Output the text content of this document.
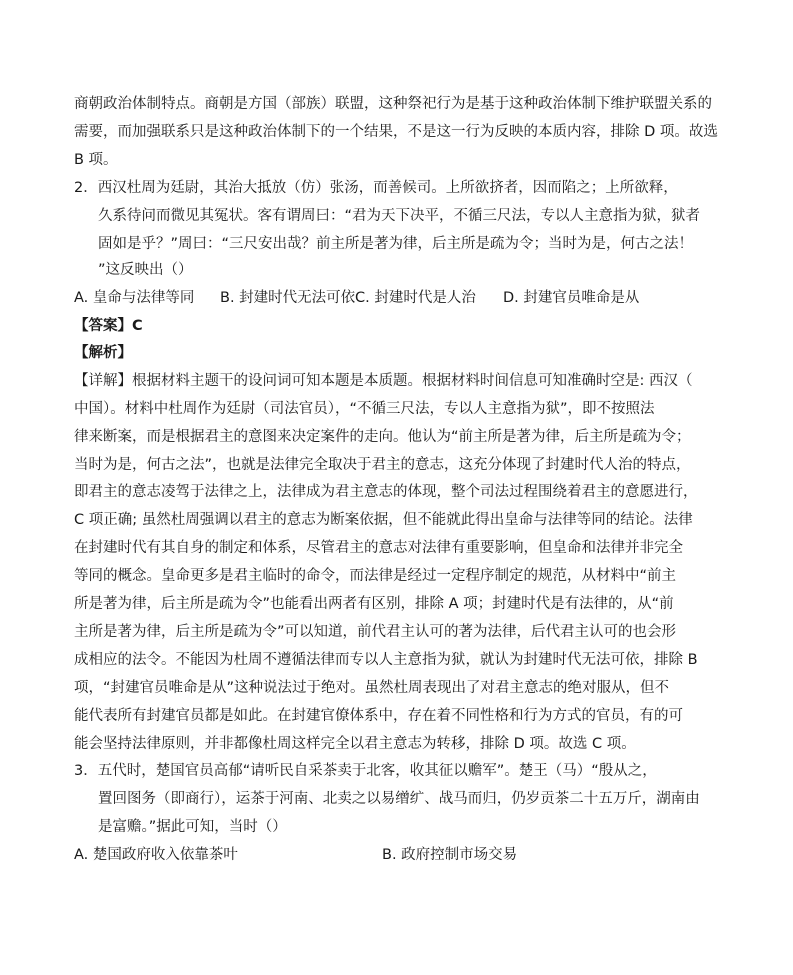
商朝政治体制特点。商朝是方国（部族）联盟，这种祭祀行为是基于这种政治体制下维护联盟关系的
需要，而加强联系只是这种政治体制下的一个结果，不是这一行为反映的本质内容，排除 D 项。故选
B 项。
2．西汉杜周为廷尉，其治大抵放（仿）张汤，而善候司。上所欲挤者，因而陷之；上所欲释，
久系待问而微见其冤状。客有谓周曰：“君为天下决平，不循三尺法，专以人主意指为狱，狱者
固如是乎？”周曰：“三尺安出哉？前主所是著为律，后主所是疏为令；当时为是，何古之法！
”这反映出（）
A. 皇命与法律等同 B. 封建时代无法可依 C. 封建时代是人治 D. 封建官员唯命是从
【答案】C
【解析】
【详解】根据材料主题干的设问词可知本题是本质题。根据材料时间信息可知准确时空是: 西汉（
中国）。材料中杜周作为廷尉（司法官员），“不循三尺法，专以人主意指为狱”，即不按照法
律来断案，而是根据君主的意图来决定案件的走向。他认为“前主所是著为律，后主所是疏为令；
当时为是，何古之法”，也就是法律完全取决于君主的意志，这充分体现了封建时代人治的特点，
即君主的意志凌驾于法律之上，法律成为君主意志的体现，整个司法过程围绕着君主的意愿进行，
C 项正确; 虽然杜周强调以君主的意志为断案依据，但不能就此得出皇命与法律等同的结论。法律
在封建时代有其自身的制定和体系，尽管君主的意志对法律有重要影响，但皇命和法律并非完全
等同的概念。皇命更多是君主临时的命令，而法律是经过一定程序制定的规范，从材料中“前主
所是著为律，后主所是疏为令”也能看出两者有区别，排除 A 项；封建时代是有法律的，从“前
主所是著为律，后主所是疏为令”可以知道，前代君主认可的著为法律，后代君主认可的也会形
成相应的法令。不能因为杜周不遵循法律而专以人主意指为狱，就认为封建时代无法可依，排除 B
项，“封建官员唯命是从”这种说法过于绝对。虽然杜周表现出了对君主意志的绝对服从，但不
能代表所有封建官员都是如此。在封建官僚体系中，存在着不同性格和行为方式的官员，有的可
能会坚持法律原则，并非都像杜周这样完全以君主意志为转移，排除 D 项。故选 C 项。
3．五代时，楚国官员高郁“请听民自采茶卖于北客，收其征以赡军”。楚王（马）“殷从之，
置回图务（即商行），运茶于河南、北卖之以易缯纩、战马而归，仍岁贡茶二十五万斤，湖南由
是富赡。”据此可知，当时（）
A. 楚国政府收入依靠茶叶	B. 政府控制市场交易
